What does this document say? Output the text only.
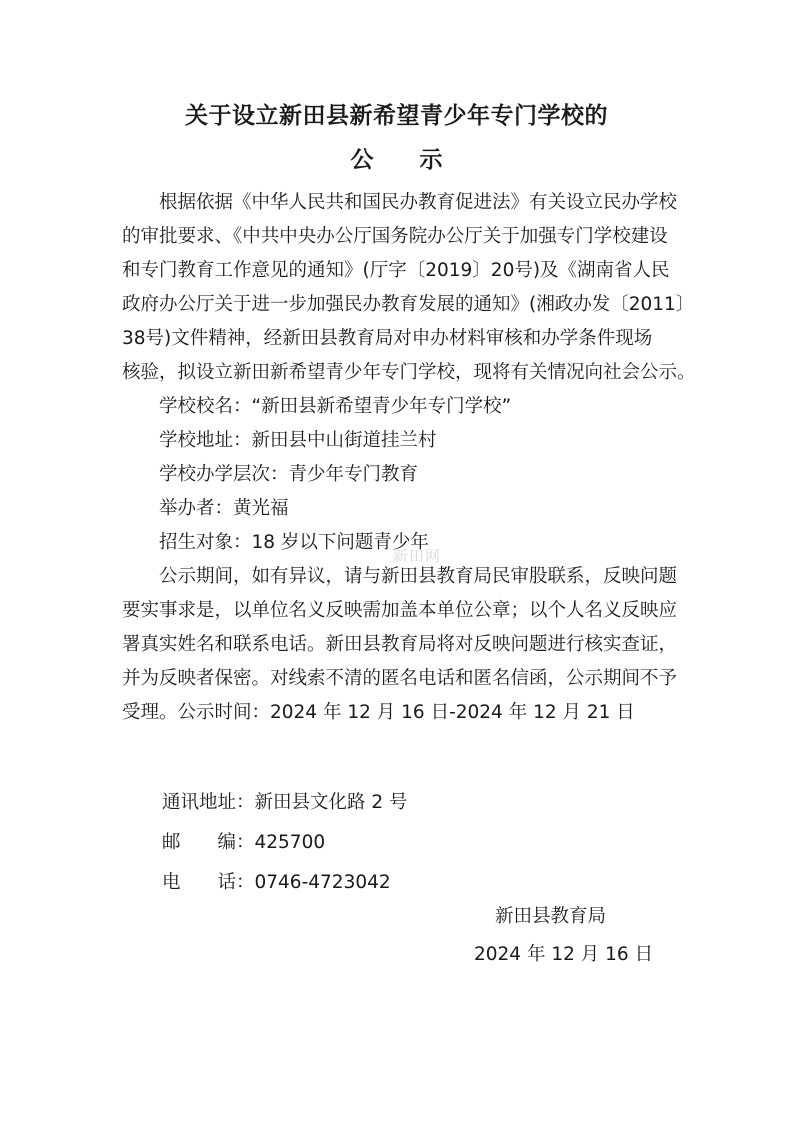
关于设立新田县新希望青少年专门学校的
公　　示

　　根据依据《中华人民共和国民办教育促进法》有关设立民办学校

的审批要求、《中共中央办公厅国务院办公厅关于加强专门学校建设

和专门教育工作意见的通知》(厅字〔2019〕20号)及《湖南省人民

政府办公厅关于进一步加强民办教育发展的通知》(湘政办发〔2011〕

38号)文件精神，经新田县教育局对申办材料审核和办学条件现场

核验，拟设立新田新希望青少年专门学校，现将有关情况向社会公示。

　　学校校名：“新田县新希望青少年专门学校”

　　学校地址：新田县中山街道挂兰村

　　学校办学层次：青少年专门教育

　　举办者：黄光福

　　招生对象：18 岁以下问题青少年

　　公示期间，如有异议，请与新田县教育局民审股联系，反映问题

要实事求是，以单位名义反映需加盖本单位公章；以个人名义反映应

署真实姓名和联系电话。新田县教育局将对反映问题进行核实查证，

并为反映者保密。对线索不清的匿名电话和匿名信函，公示期间不予

受理。公示时间：2024 年 12 月 16 日-2024 年 12 月 21 日

通讯地址：新田县文化路 2 号

邮　　编：425700

电　　话：0746-4723042

新田县教育局

2024 年 12 月 16 日

新田网
